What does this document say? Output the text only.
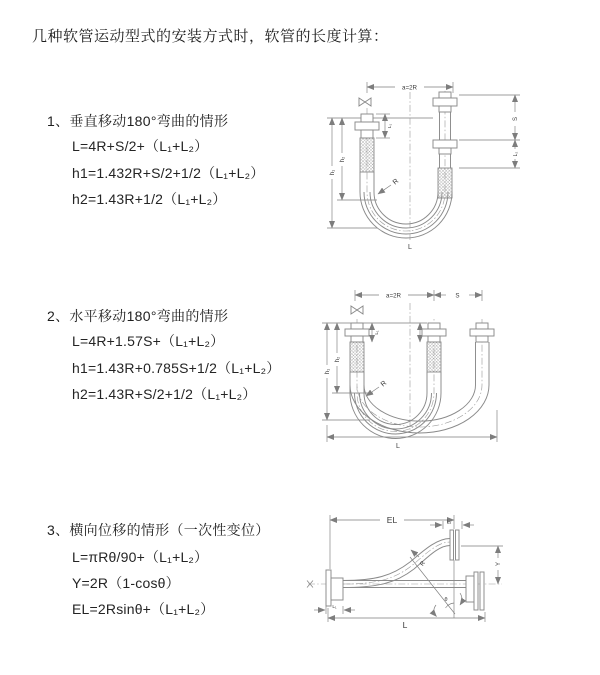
几种软管运动型式的安装方式时，软管的长度计算：
1、垂直移动180°弯曲的情形
L=4R+S/2+（L₁+L₂）
h1=1.432R+S/2+1/2（L₁+L₂）
h2=1.43R+1/2（L₁+L₂）
2、水平移动180°弯曲的情形
L=4R+1.57S+（L₁+L₂）
h1=1.43R+0.785S+1/2（L₁+L₂）
h2=1.43R+S/2+1/2（L₁+L₂）
3、横向位移的情形（一次性变位）
L=πRθ/90+（L₁+L₂）
Y=2R（1-cosθ）
EL=2Rsinθ+（L₁+L₂）
a=2R
S
L₂
h₁
h₂
L₁
R
L
a=2R	S
h₁
h₂
L₁
R
L
EL	L₂
Y
R
θ
L₁
L
